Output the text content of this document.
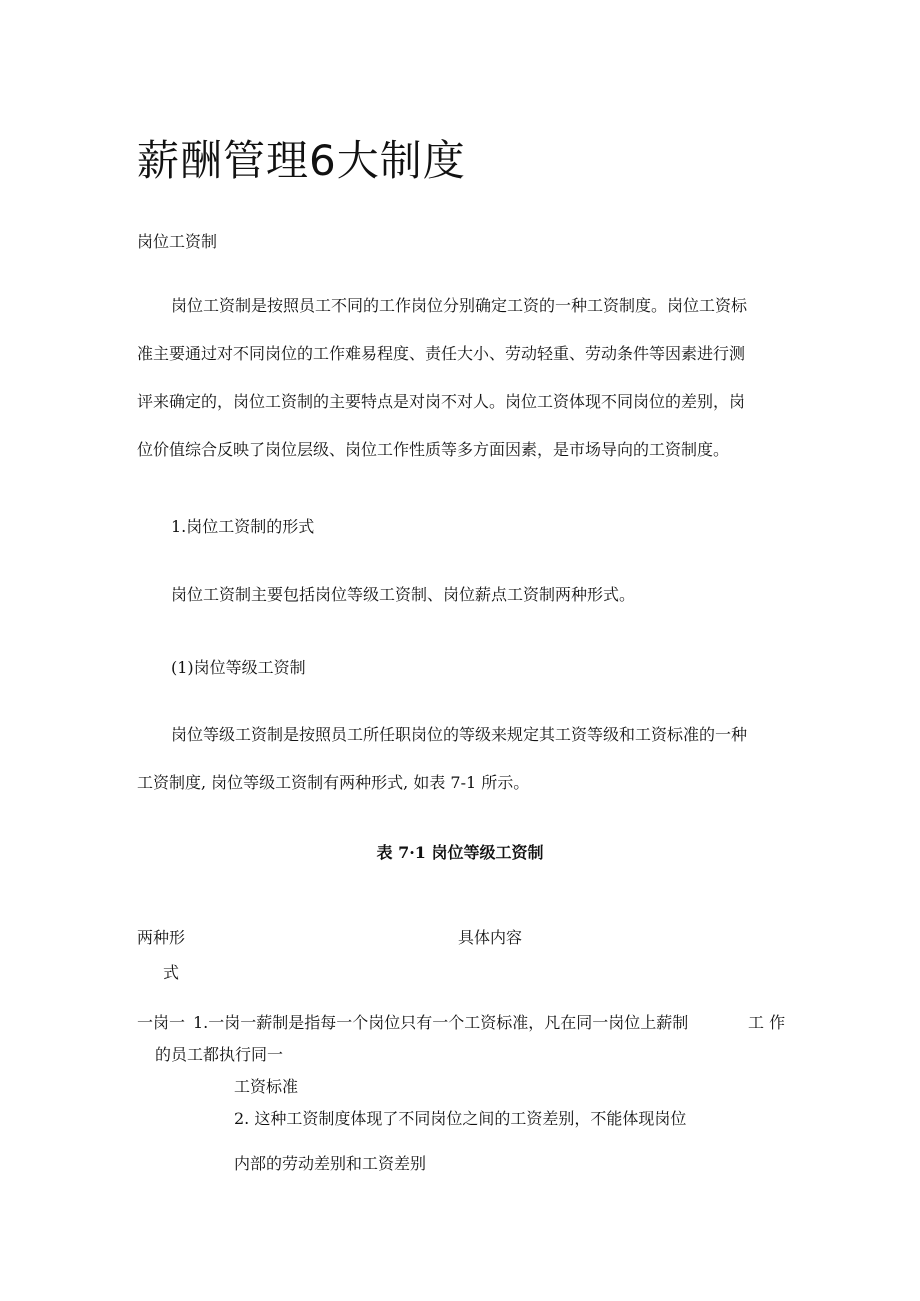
薪酬管理6大制度
岗位工资制
岗位工资制是按照员工不同的工作岗位分别确定工资的一种工资制度。岗位工资标
准主要通过对不同岗位的工作难易程度、责任大小、劳动轻重、劳动条件等因素进行测
评来确定的，岗位工资制的主要特点是对岗不对人。岗位工资体现不同岗位的差别，岗
位价值综合反映了岗位层级、岗位工作性质等多方面因素，是市场导向的工资制度。
1.岗位工资制的形式
岗位工资制主要包括岗位等级工资制、岗位薪点工资制两种形式。
(1)岗位等级工资制
岗位等级工资制是按照员工所任职岗位的等级来规定其工资等级和工资标准的一种
工资制度, 岗位等级工资制有两种形式, 如表 7-1 所示。
表 7·1 岗位等级工资制
两种形
式
具体内容
一岗一 1.一岗一薪制是指每一个岗位只有一个工资标准，凡在同一岗位上薪制	工 作
的员工都执行同一
工资标准
2. 这种工资制度体现了不同岗位之间的工资差别，不能体现岗位
内部的劳动差别和工资差别
